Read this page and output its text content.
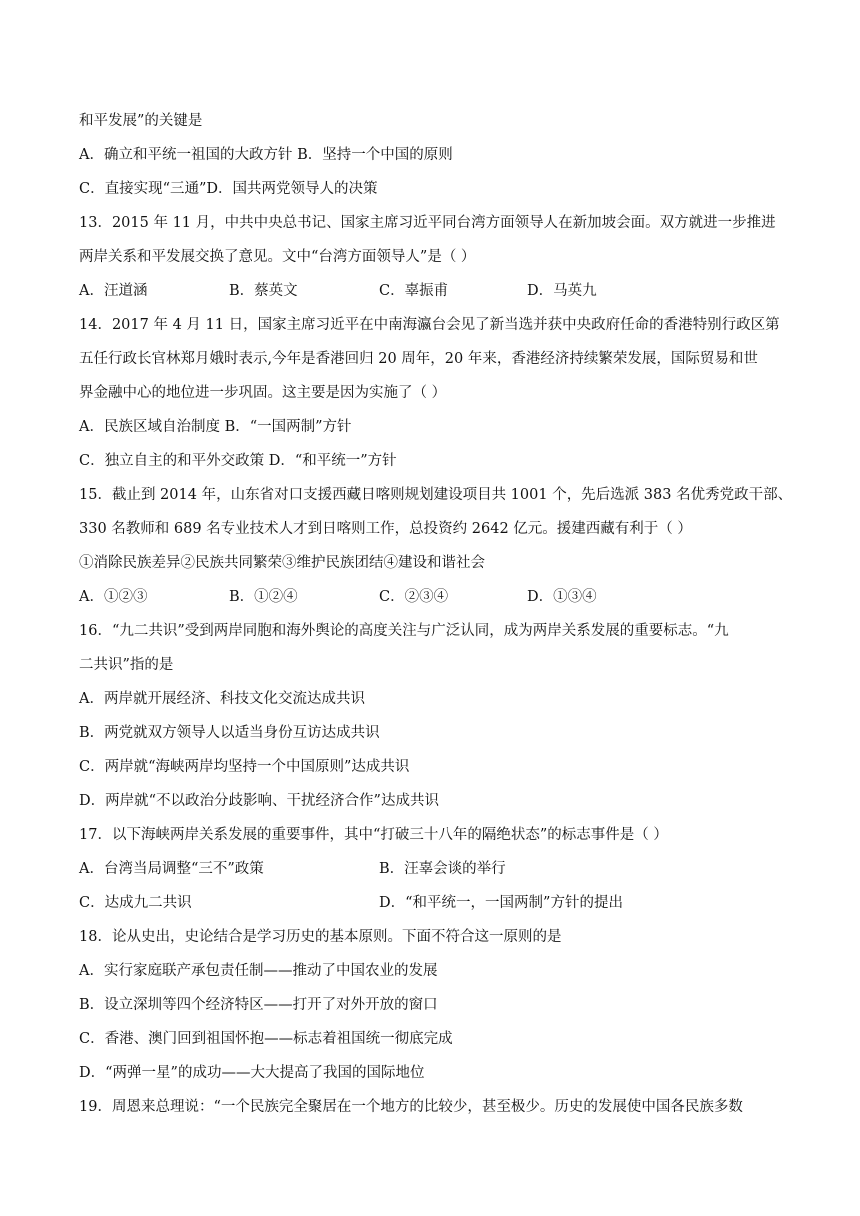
和平发展”的关键是
A．确立和平统一祖国的大政方针 B．坚持一个中国的原则
C．直接实现“三通”D．国共两党领导人的决策
13．2015 年 11 月，中共中央总书记、国家主席习近平同台湾方面领导人在新加坡会面。双方就进一步推进
两岸关系和平发展交换了意见。文中“台湾方面领导人”是（ ）
A．汪道涵	B．蔡英文	C．辜振甫	D．马英九
14．2017 年 4 月 11 日，国家主席习近平在中南海瀛台会见了新当选并获中央政府任命的香港特别行政区第
五任行政长官林郑月娥时表示,今年是香港回归 20 周年，20 年来，香港经济持续繁荣发展，国际贸易和世
界金融中心的地位进一步巩固。这主要是因为实施了（ ）
A．民族区域自治制度 B．“一国两制”方针
C．独立自主的和平外交政策 D．“和平统一”方针
15．截止到 2014 年，山东省对口支援西藏日喀则规划建设项目共 1001 个，先后选派 383 名优秀党政干部、
330 名教师和 689 名专业技术人才到日喀则工作，总投资约 2642 亿元。援建西藏有利于（ ）
①消除民族差异②民族共同繁荣③维护民族团结④建设和谐社会
A．①②③	B．①②④	C．②③④	D．①③④
16．“九二共识”受到两岸同胞和海外舆论的高度关注与广泛认同，成为两岸关系发展的重要标志。“九
二共识”指的是
A．两岸就开展经济、科技文化交流达成共识
B．两党就双方领导人以适当身份互访达成共识
C．两岸就“海峡两岸均坚持一个中国原则”达成共识
D．两岸就“不以政治分歧影响、干扰经济合作”达成共识
17．以下海峡两岸关系发展的重要事件，其中“打破三十八年的隔绝状态”的标志事件是（ ）
A．台湾当局调整“三不”政策	B．汪辜会谈的举行
C．达成九二共识	D．“和平统一，一国两制”方针的提出
18．论从史出，史论结合是学习历史的基本原则。下面不符合这一原则的是
A．实行家庭联产承包责任制——推动了中国农业的发展
B．设立深圳等四个经济特区——打开了对外开放的窗口
C．香港、澳门回到祖国怀抱——标志着祖国统一彻底完成
D．“两弹一星”的成功——大大提高了我国的国际地位
19．周恩来总理说：“一个民族完全聚居在一个地方的比较少，甚至极少。历史的发展使中国各民族多数
